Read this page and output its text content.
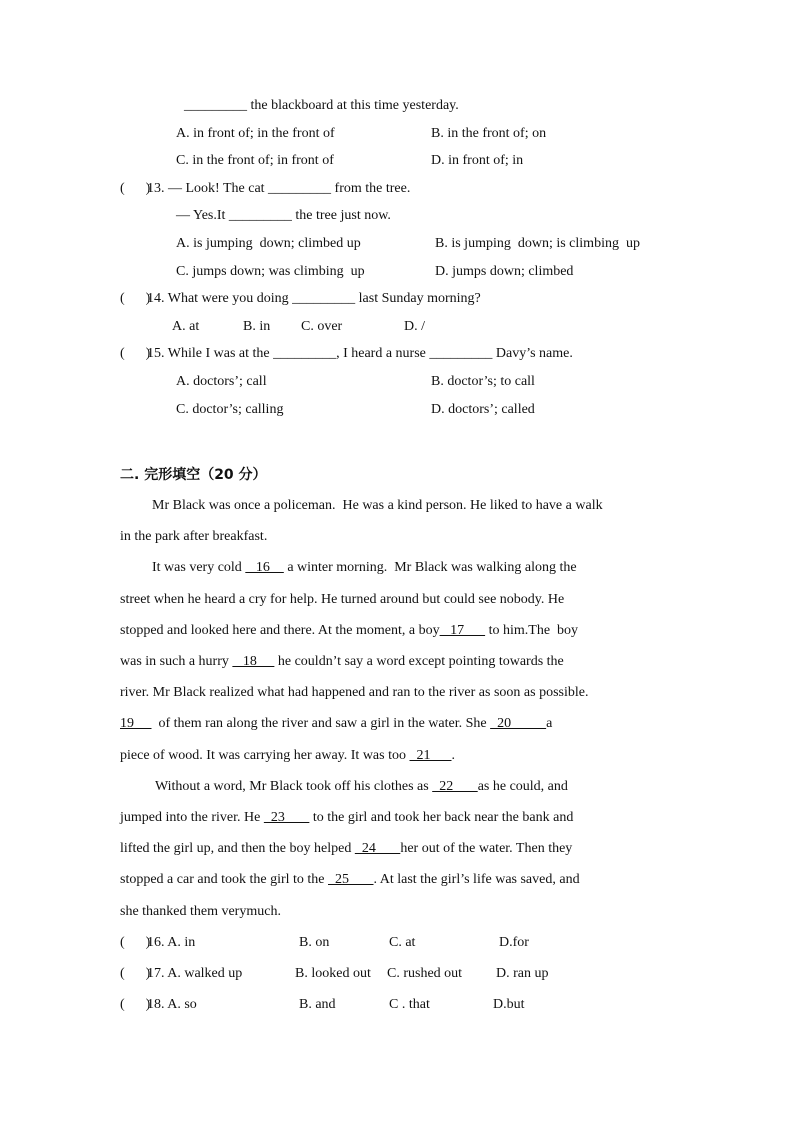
_________ the blackboard at this time yesterday.
A. in front of; in the front of	B. in the front of; on
C. in the front of; in front of	D. in front of; in
(      )
13. — Look! The cat _________ from the tree.
— Yes.It _________ the tree just now.
A. is jumping  down; climbed up	B. is jumping  down; is climbing  up
C. jumps down; was climbing  up	D. jumps down; climbed
(      )
14. What were you doing _________ last Sunday morning?
A. at	B. in C. over	D. /
(      )
15. While I was at the _________, I heard a nurse _________ Davy’s name.
A. doctors’; call	B. doctor’s; to call
C. doctor’s; calling	D. doctors’; called
二. 完形填空（20 分）
Mr Black was once a policeman.  He was a kind person. He liked to have a walk
in the park after breakfast.
It was very cold    16     a winter morning.  Mr Black was walking along the
street when he heard a cry for help. He turned around but could see nobody. He
stopped and looked here and there. At the moment, a boy   17       to him.The  boy
was in such a hurry    18      he couldn’t say a word except pointing towards the
river. Mr Black realized what had happened and ran to the river as soon as possible.
19       of them ran along the river and saw a girl in the water. She   20          a
piece of wood. It was carrying her away. It was too   21      .
Without a word, Mr Black took off his clothes as   22       as he could, and
jumped into the river. He   23        to the girl and took her back near the bank and
lifted the girl up, and then the boy helped   24       her out of the water. Then they
stopped a car and took the girl to the   25       . At last the girl’s life was saved, and
she thanked them verymuch.
(      )
16. A. in	B. on	C. at	D.for
(      )
17. A. walked up	B. looked out C. rushed out D. ran up
(      )
18. A. so	B. and	C . that	D.but
